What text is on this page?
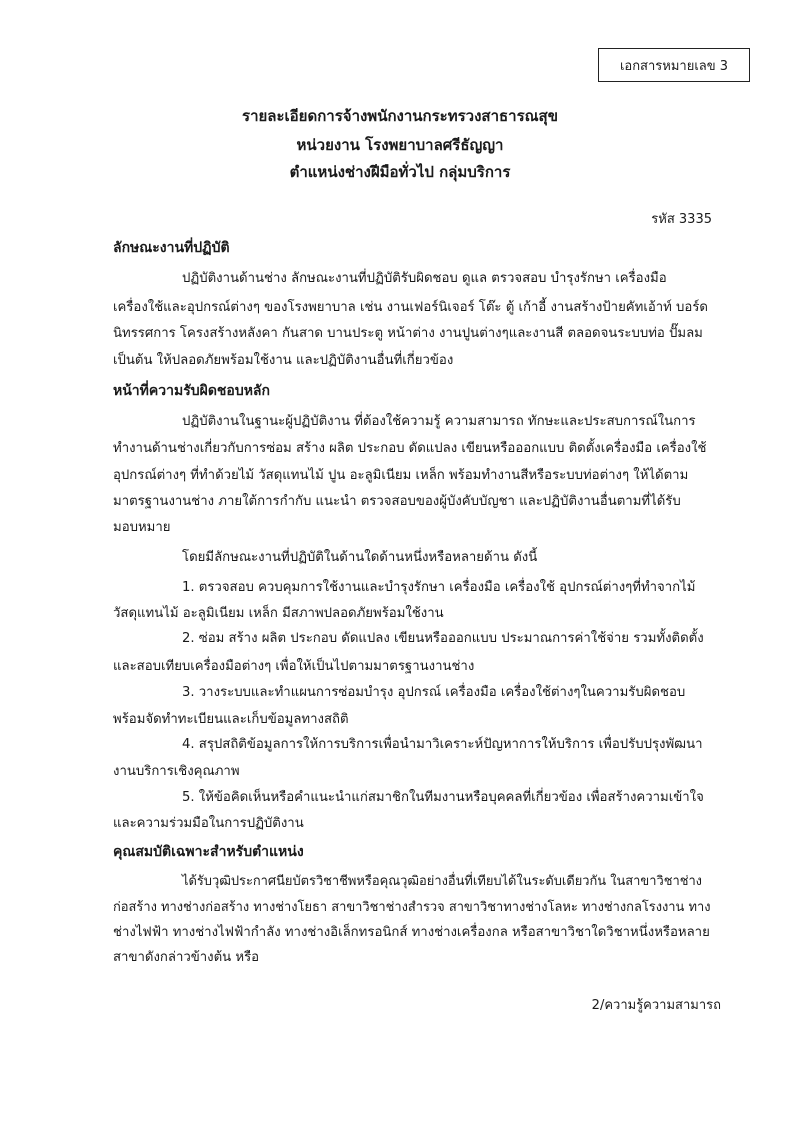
เอกสารหมายเลข 3
รายละเอียดการจ้างพนักงานกระทรวงสาธารณสุข
หน่วยงาน โรงพยาบาลศรีธัญญา
ตำแหน่งช่างฝีมือทั่วไป กลุ่มบริการ
รหัส 3335
ลักษณะงานที่ปฏิบัติ
ปฏิบัติงานด้านช่าง ลักษณะงานที่ปฏิบัติรับผิดชอบ ดูแล ตรวจสอบ บำรุงรักษา เครื่องมือ
เครื่องใช้และอุปกรณ์ต่างๆ ของโรงพยาบาล เช่น งานเฟอร์นิเจอร์ โต๊ะ ตู้ เก้าอี้ งานสร้างป้ายคัทเอ้าท์ บอร์ด
นิทรรศการ โครงสร้างหลังคา กันสาด บานประตู หน้าต่าง งานปูนต่างๆและงานสี ตลอดจนระบบท่อ ปั๊มลม
เป็นต้น ให้ปลอดภัยพร้อมใช้งาน และปฏิบัติงานอื่นที่เกี่ยวข้อง
หน้าที่ความรับผิดชอบหลัก
ปฏิบัติงานในฐานะผู้ปฏิบัติงาน ที่ต้องใช้ความรู้ ความสามารถ ทักษะและประสบการณ์ในการ
ทำงานด้านช่างเกี่ยวกับการซ่อม สร้าง ผลิต ประกอบ ดัดแปลง เขียนหรือออกแบบ ติดตั้งเครื่องมือ เครื่องใช้
อุปกรณ์ต่างๆ ที่ทำด้วยไม้ วัสดุแทนไม้ ปูน อะลูมิเนียม เหล็ก พร้อมทำงานสีหรือระบบท่อต่างๆ ให้ได้ตาม
มาตรฐานงานช่าง ภายใต้การกำกับ แนะนำ ตรวจสอบของผู้บังคับบัญชา และปฏิบัติงานอื่นตามที่ได้รับ
มอบหมาย
โดยมีลักษณะงานที่ปฏิบัติในด้านใดด้านหนึ่งหรือหลายด้าน ดังนี้
1. ตรวจสอบ ควบคุมการใช้งานและบำรุงรักษา เครื่องมือ เครื่องใช้ อุปกรณ์ต่างๆที่ทำจากไม้
วัสดุแทนไม้ อะลูมิเนียม เหล็ก มีสภาพปลอดภัยพร้อมใช้งาน
2. ซ่อม สร้าง ผลิต ประกอบ ดัดแปลง เขียนหรือออกแบบ ประมาณการค่าใช้จ่าย รวมทั้งติดตั้ง
และสอบเทียบเครื่องมือต่างๆ เพื่อให้เป็นไปตามมาตรฐานงานช่าง
3. วางระบบและทำแผนการซ่อมบำรุง อุปกรณ์ เครื่องมือ เครื่องใช้ต่างๆในความรับผิดชอบ
พร้อมจัดทำทะเบียนและเก็บข้อมูลทางสถิติ
4. สรุปสถิติข้อมูลการให้การบริการเพื่อนำมาวิเคราะห์ปัญหาการให้บริการ เพื่อปรับปรุงพัฒนา
งานบริการเชิงคุณภาพ
5. ให้ข้อคิดเห็นหรือคำแนะนำแก่สมาชิกในทีมงานหรือบุคคลที่เกี่ยวข้อง เพื่อสร้างความเข้าใจ
และความร่วมมือในการปฏิบัติงาน
คุณสมบัติเฉพาะสำหรับตำแหน่ง
ได้รับวุฒิประกาศนียบัตรวิชาชีพหรือคุณวุฒิอย่างอื่นที่เทียบได้ในระดับเดียวกัน ในสาขาวิชาช่าง
ก่อสร้าง ทางช่างก่อสร้าง ทางช่างโยธา สาขาวิชาช่างสำรวจ สาขาวิชาทางช่างโลหะ ทางช่างกลโรงงาน ทาง
ช่างไฟฟ้า ทางช่างไฟฟ้ากำลัง ทางช่างอิเล็กทรอนิกส์ ทางช่างเครื่องกล หรือสาขาวิชาใดวิชาหนึ่งหรือหลาย
สาขาดังกล่าวข้างต้น หรือ
2/ความรู้ความสามารถ
